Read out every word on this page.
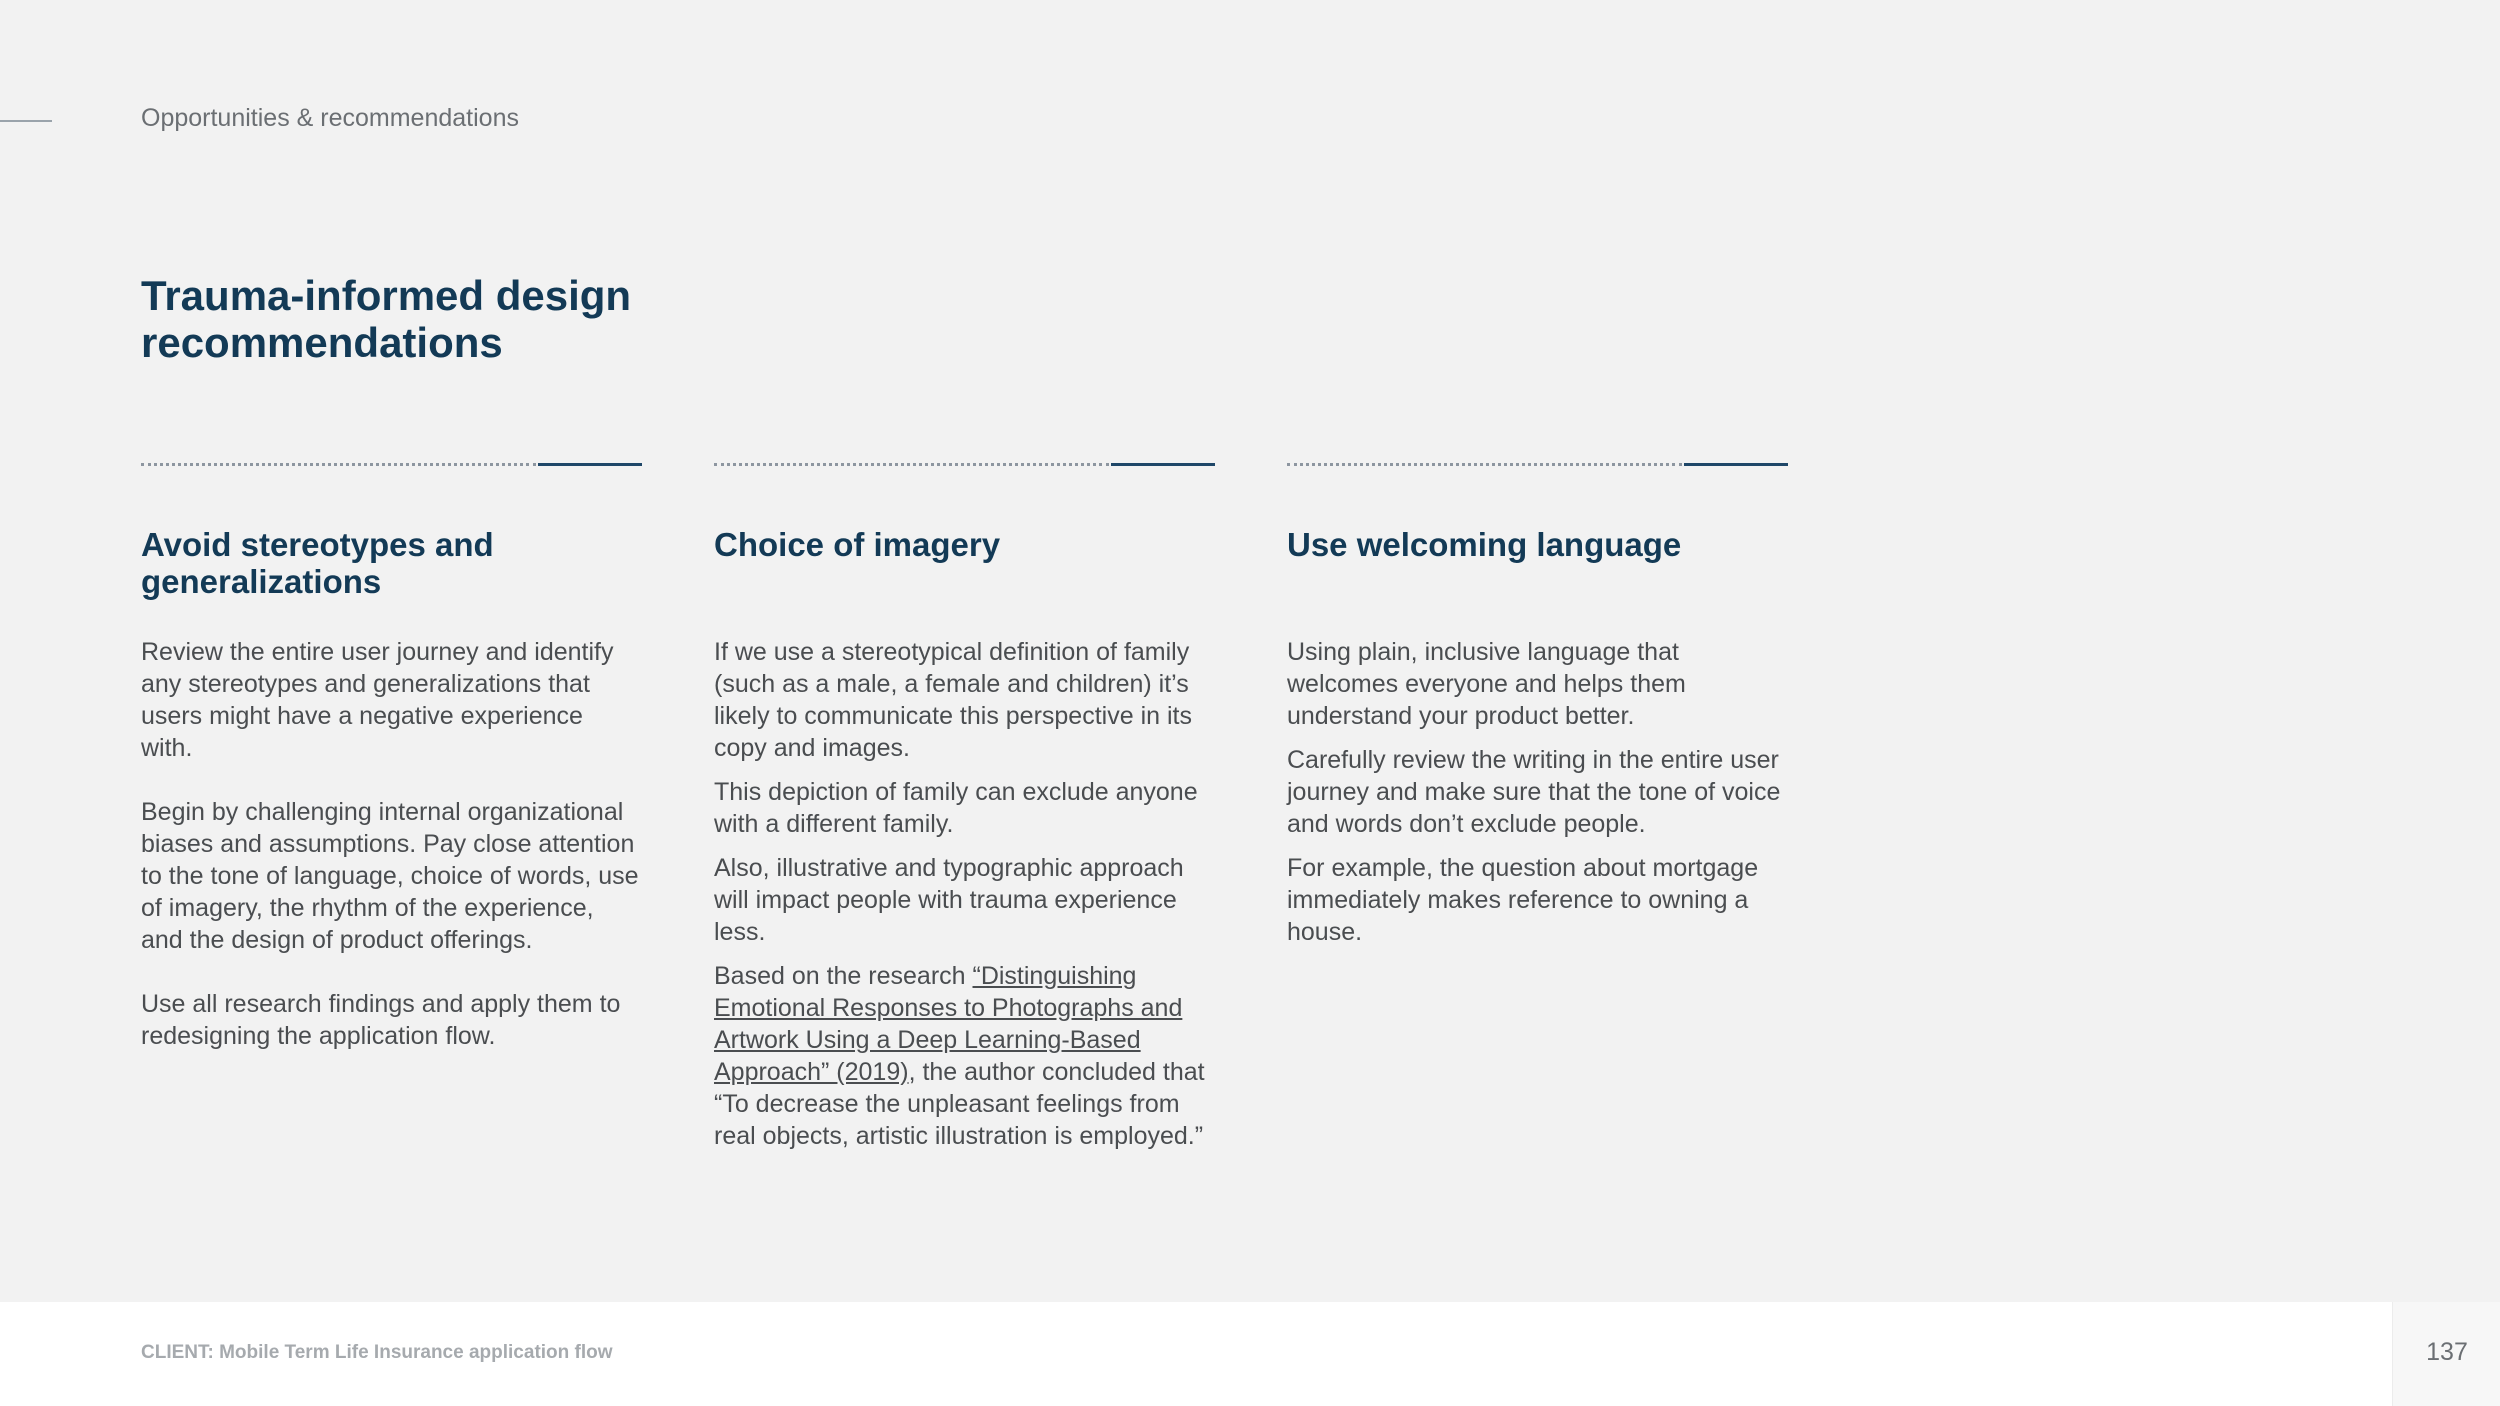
Opportunities & recommendations
Trauma-informed design recommendations
Avoid stereotypes and generalizations

Review the entire user journey and identify any stereotypes and generalizations that users might have a negative experience with.

Begin by challenging internal organizational biases and assumptions. Pay close attention to the tone of language, choice of words, use of imagery, the rhythm of the experience, and the design of product offerings.

Use all research findings and apply them to redesigning the application flow.

Choice of imagery

If we use a stereotypical definition of family (such as a male, a female and children) it’s likely to communicate this perspective in its copy and images.

This depiction of family can exclude anyone with a different family.

Also, illustrative and typographic approach will impact people with trauma experience less.

Based on the research “Distinguishing Emotional Responses to Photographs and Artwork Using a Deep Learning-Based Approach” (2019), the author concluded that “To decrease the unpleasant feelings from real objects, artistic illustration is employed.”

Use welcoming language

Using plain, inclusive language that welcomes everyone and helps them understand your product better.

Carefully review the writing in the entire user journey and make sure that the tone of voice and words don’t exclude people.

For example, the question about mortgage immediately makes reference to owning a house.

CLIENT: Mobile Term Life Insurance application flow	137
